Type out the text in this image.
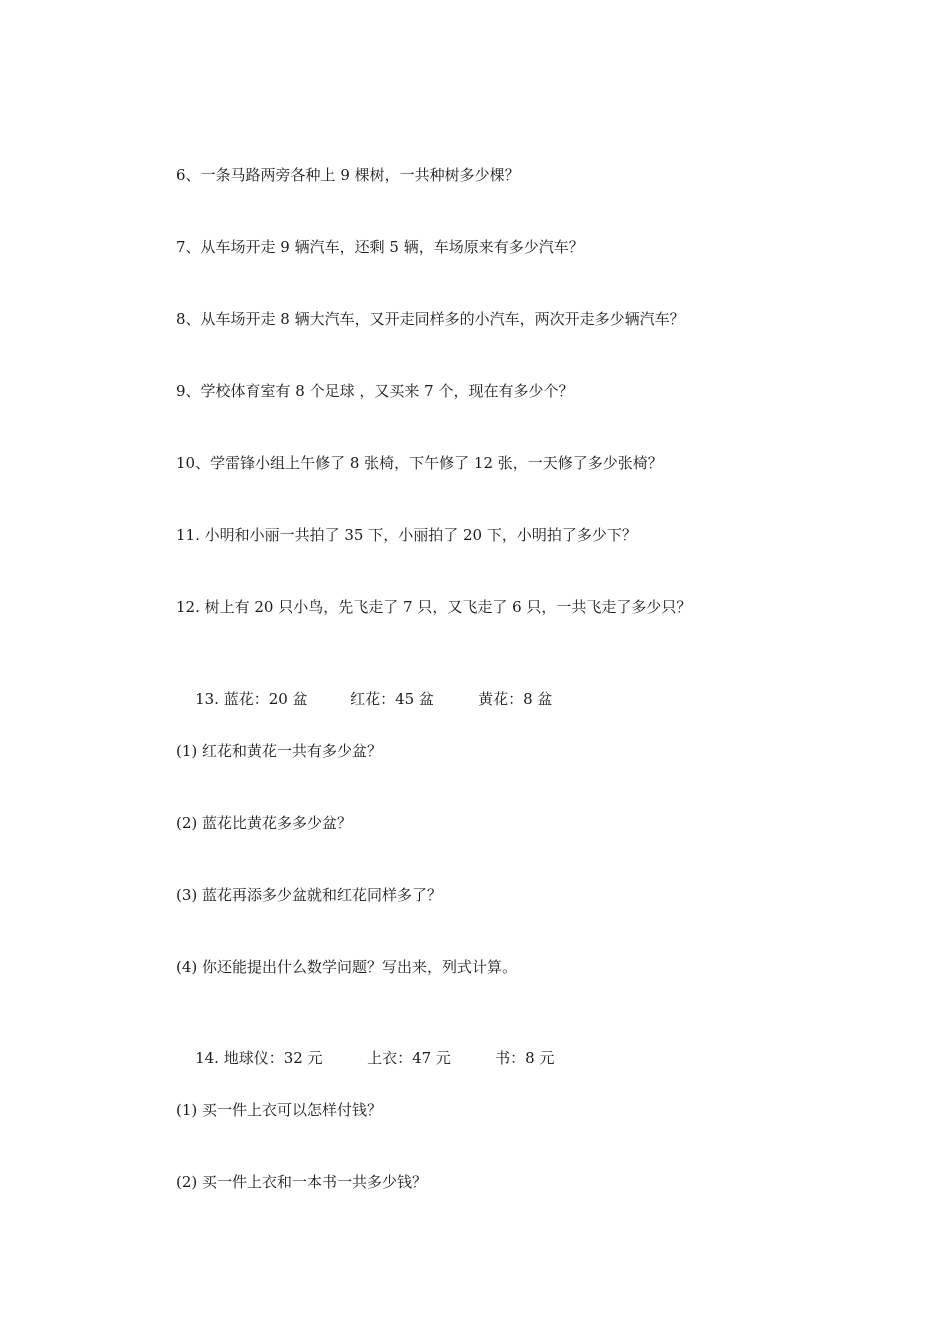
6、一条马路两旁各种上 9 棵树，一共种树多少棵？
7、从车场开走 9 辆汽车，还剩 5 辆，车场原来有多少汽车？
8、从车场开走 8 辆大汽车，又开走同样多的小汽车，两次开走多少辆汽车？
9、学校体育室有 8 个足球 ，又买来 7 个，现在有多少个？
10、学雷锋小组上午修了 8 张椅，下午修了 12 张，一天修了多少张椅？
11. 小明和小丽一共拍了 35 下，小丽拍了 20 下，小明拍了多少下？
12. 树上有 20 只小鸟，先飞走了 7 只，又飞走了 6 只，一共飞走了多少只？

13. 蓝花：20 盆	红花：45 盆	黄花：8 盆

(1) 红花和黄花一共有多少盆？
(2) 蓝花比黄花多多少盆？
(3) 蓝花再添多少盆就和红花同样多了？
(4) 你还能提出什么数学问题？写出来，列式计算。

14. 地球仪：32 元	上衣：47 元	书：8 元

(1) 买一件上衣可以怎样付钱？
(2) 买一件上衣和一本书一共多少钱？
